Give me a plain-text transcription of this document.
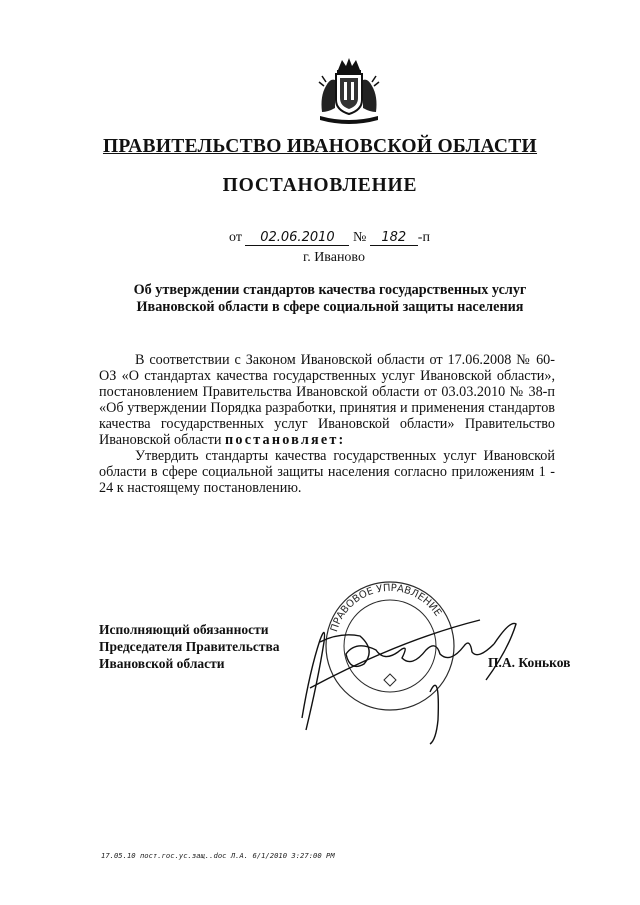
ПРАВИТЕЛЬСТВО ИВАНОВСКОЙ ОБЛАСТИ
ПОСТАНОВЛЕНИЕ
от 02.06.2010 № 182 -п
г. Иваново
Об утверждении стандартов качества государственных услуг
Ивановской области в сфере социальной защиты населения

В соответствии с Законом Ивановской области от 17.06.2008 № 60-ОЗ «О стандартах качества государственных услуг Ивановской области», постановлением Правительства Ивановской области от 03.03.2010 № 38-п «Об утверждении Порядка разработки, принятия и применения стандартов качества государственных услуг Ивановской области» Правительство Ивановской области постановляет:

Утвердить стандарты качества государственных услуг Ивановской области в сфере социальной защиты населения согласно приложениям 1 - 24 к настоящему постановлению.

ПРАВОВОЕ УПРАВЛЕНИЕ
Исполняющий обязанности
Председателя Правительства
Ивановской области	П.А. Коньков
17.05.10 пост.гос.ус.защ..doc Л.А. 6/1/2010 3:27:00 PM
